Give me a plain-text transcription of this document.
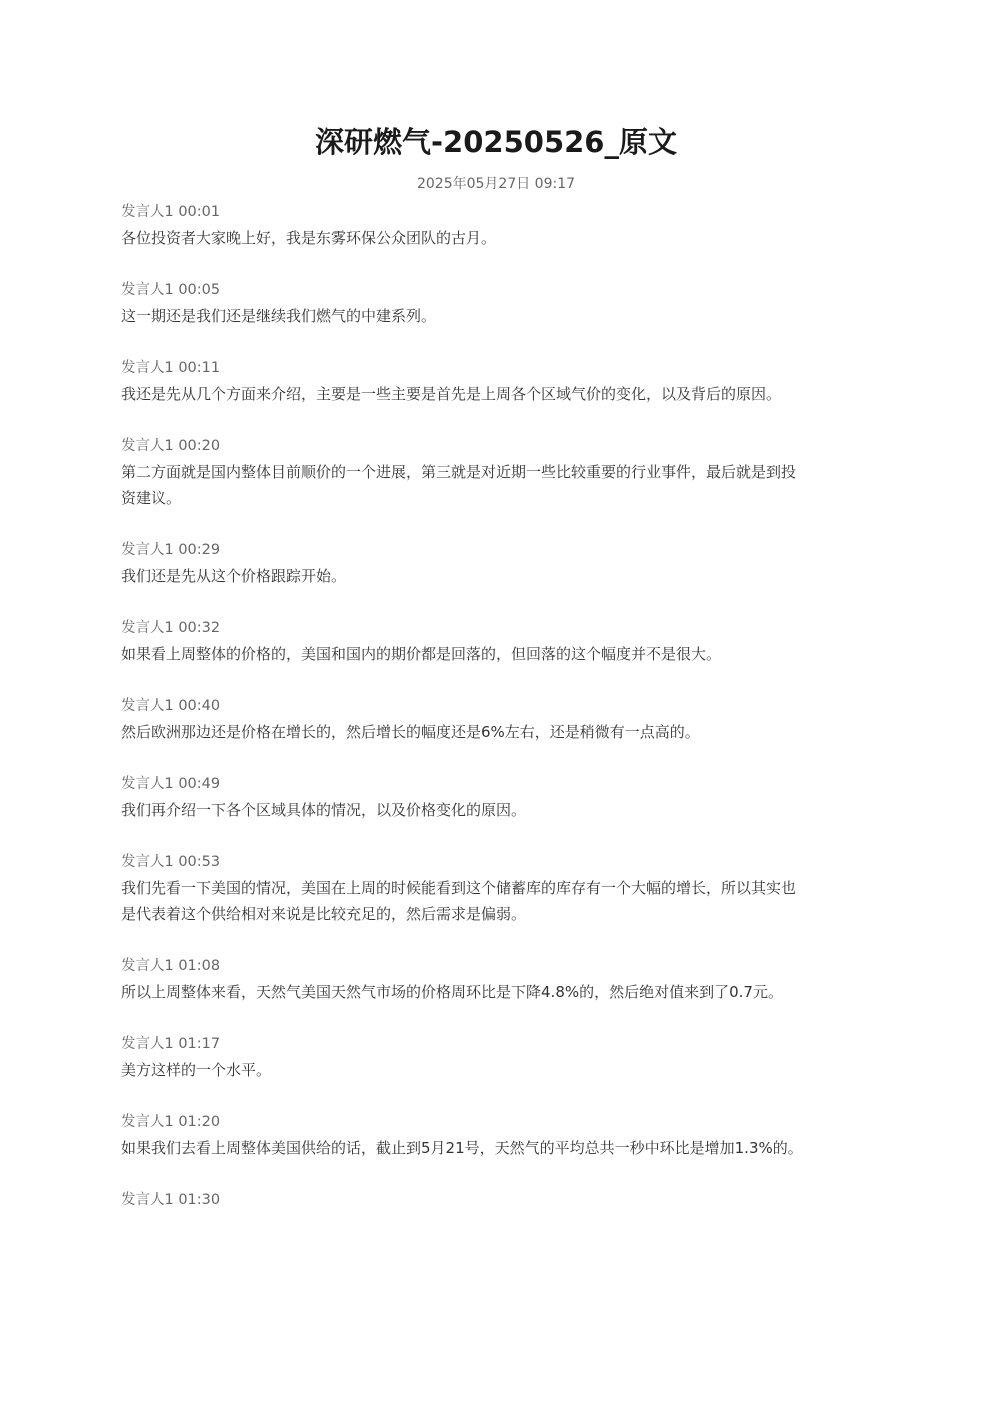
深研燃气-20250526_原文
2025年05月27日 09:17
发言人1 00:01
各位投资者大家晚上好，我是东雾环保公众团队的古月。
发言人1 00:05
这一期还是我们还是继续我们燃气的中建系列。
发言人1 00:11
我还是先从几个方面来介绍，主要是一些主要是首先是上周各个区域气价的变化，以及背后的原因。
发言人1 00:20
第二方面就是国内整体目前顺价的一个进展，第三就是对近期一些比较重要的行业事件，最后就是到投
资建议。
发言人1 00:29
我们还是先从这个价格跟踪开始。
发言人1 00:32
如果看上周整体的价格的，美国和国内的期价都是回落的，但回落的这个幅度并不是很大。
发言人1 00:40
然后欧洲那边还是价格在增长的，然后增长的幅度还是6%左右，还是稍微有一点高的。
发言人1 00:49
我们再介绍一下各个区域具体的情况，以及价格变化的原因。
发言人1 00:53
我们先看一下美国的情况，美国在上周的时候能看到这个储蓄库的库存有一个大幅的增长，所以其实也
是代表着这个供给相对来说是比较充足的，然后需求是偏弱。
发言人1 01:08
所以上周整体来看，天然气美国天然气市场的价格周环比是下降4.8%的，然后绝对值来到了0.7元。
发言人1 01:17
美方这样的一个水平。
发言人1 01:20
如果我们去看上周整体美国供给的话，截止到5月21号，天然气的平均总共一秒中环比是增加1.3%的。
发言人1 01:30
